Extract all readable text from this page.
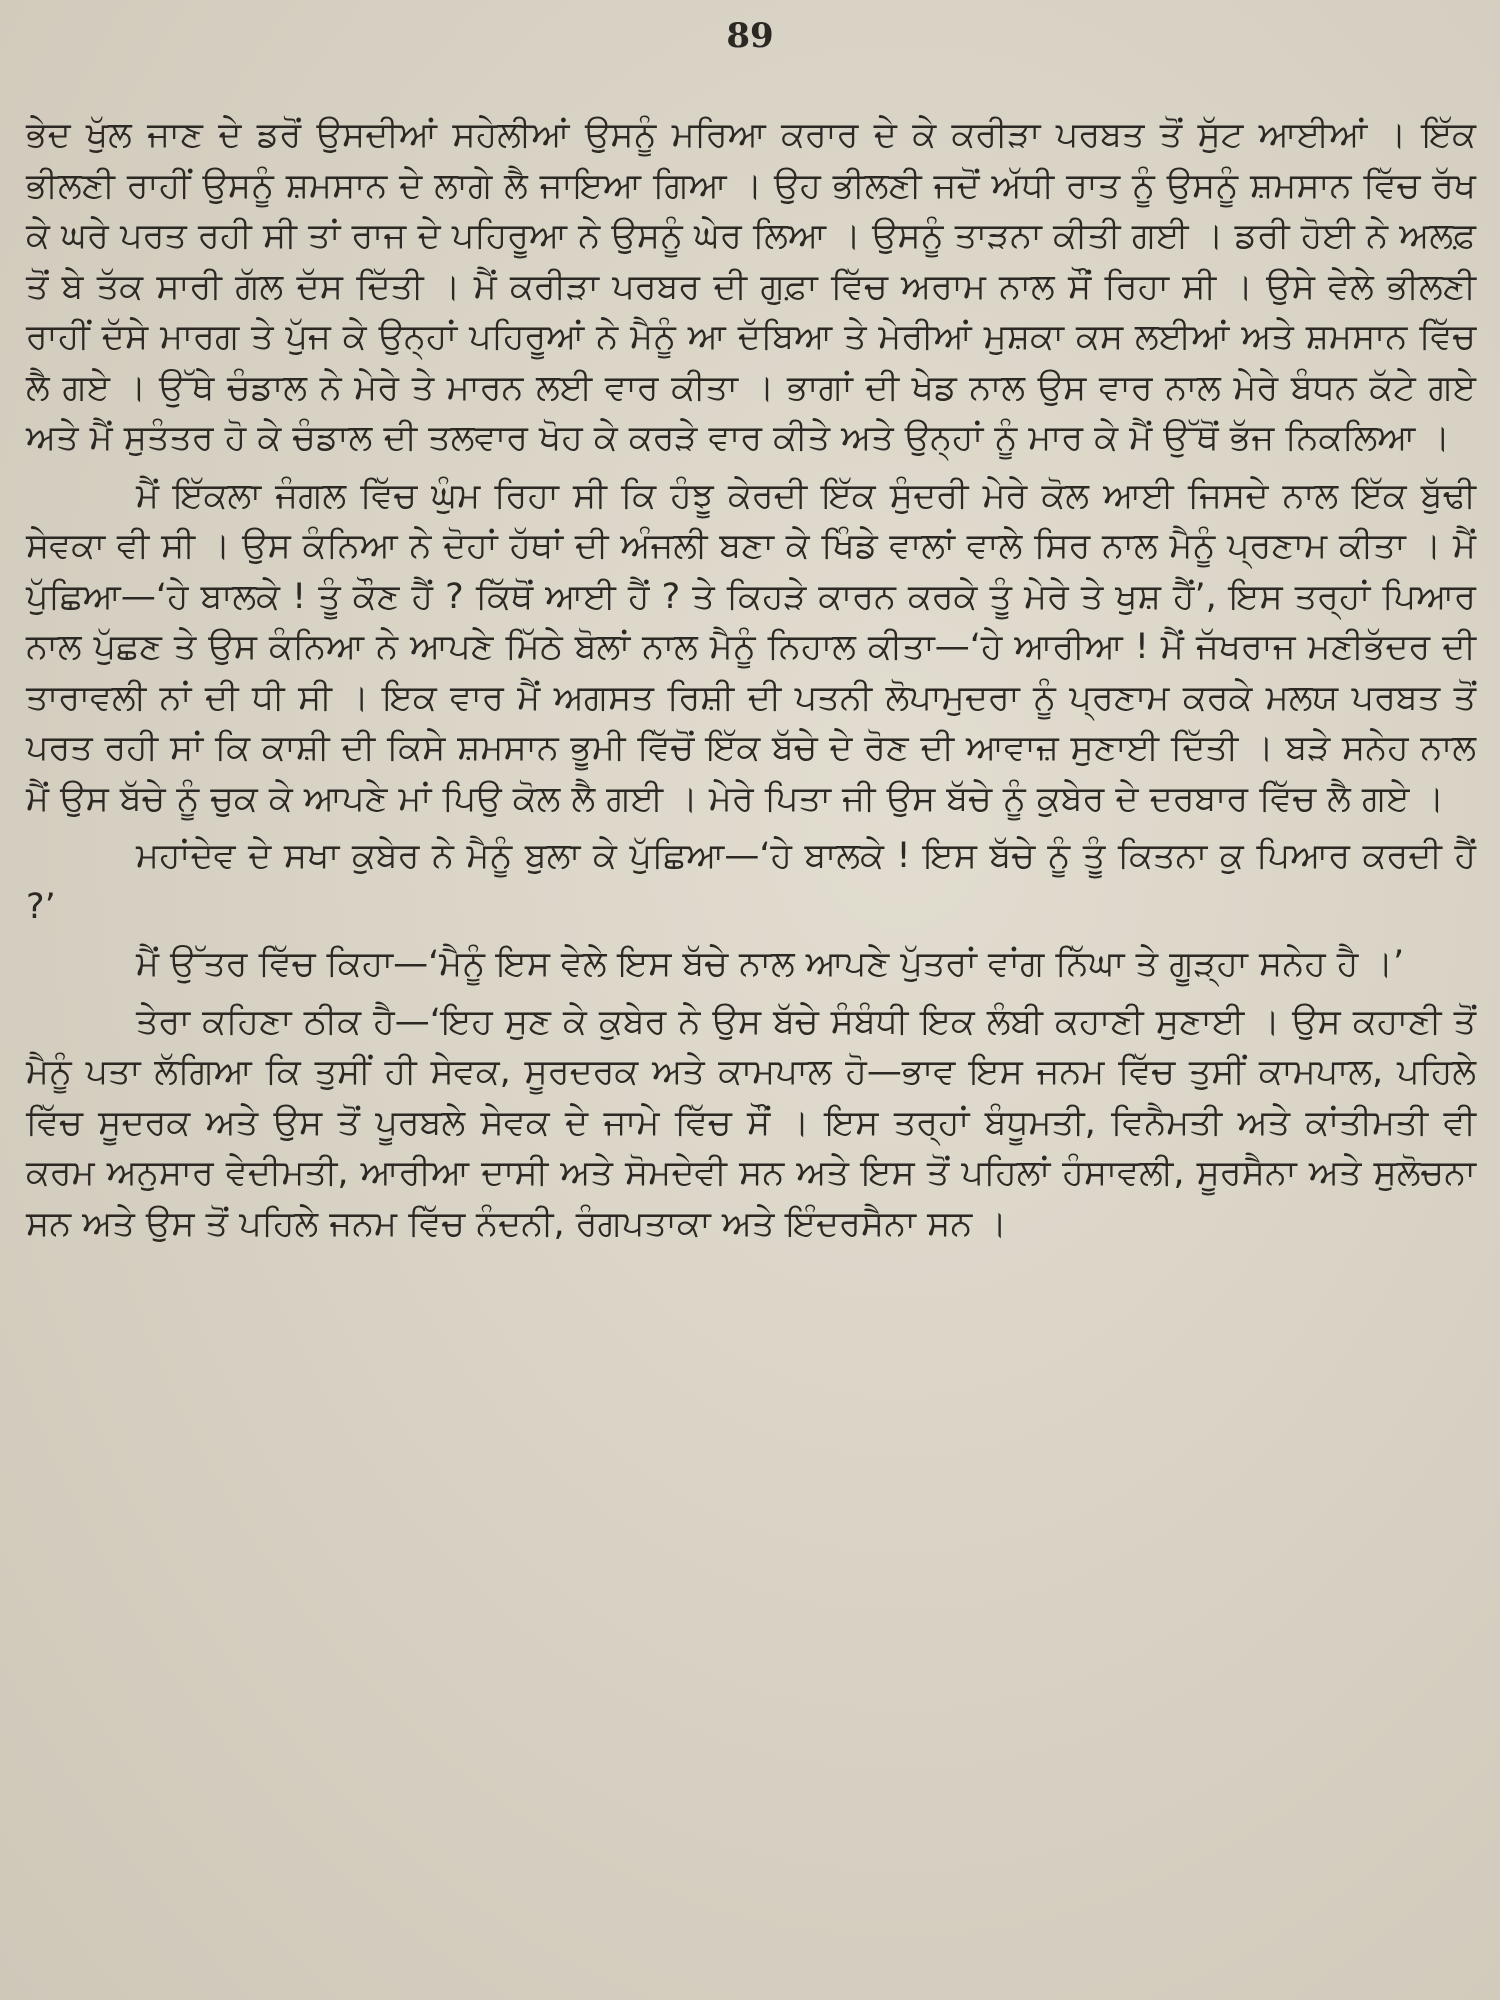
89

ਭੇਦ ਖੁੱਲ ਜਾਣ ਦੇ ਡਰੋਂ ਉਸਦੀਆਂ ਸਹੇਲੀਆਂ ਉਸਨੂੰ ਮਰਿਆ ਕਰਾਰ ਦੇ ਕੇ ਕਰੀੜਾ ਪਰਬਤ ਤੋਂ ਸੁੱਟ ਆਈਆਂ । ਇੱਕ ਭੀਲਣੀ ਰਾਹੀਂ ਉਸਨੂੰ ਸ਼ਮਸਾਨ ਦੇ ਲਾਗੇ ਲੈ ਜਾਇਆ ਗਿਆ । ਉਹ ਭੀਲਣੀ ਜਦੋਂ ਅੱਧੀ ਰਾਤ ਨੂੰ ਉਸਨੂੰ ਸ਼ਮਸਾਨ ਵਿੱਚ ਰੱਖ ਕੇ ਘਰੇ ਪਰਤ ਰਹੀ ਸੀ ਤਾਂ ਰਾਜ ਦੇ ਪਹਿਰੂਆ ਨੇ ਉਸਨੂੰ ਘੇਰ ਲਿਆ । ਉਸਨੂੰ ਤਾੜਨਾ ਕੀਤੀ ਗਈ । ਡਰੀ ਹੋਈ ਨੇ ਅਲਫ਼ ਤੋਂ ਬੇ ਤੱਕ ਸਾਰੀ ਗੱਲ ਦੱਸ ਦਿੱਤੀ । ਮੈਂ ਕਰੀੜਾ ਪਰਬਰ ਦੀ ਗੁਫ਼ਾ ਵਿੱਚ ਅਰਾਮ ਨਾਲ ਸੌਂ ਰਿਹਾ ਸੀ । ਉਸੇ ਵੇਲੇ ਭੀਲਣੀ ਰਾਹੀਂ ਦੱਸੇ ਮਾਰਗ ਤੇ ਪੁੱਜ ਕੇ ਉਨ੍ਹਾਂ ਪਹਿਰੂਆਂ ਨੇ ਮੈਨੂੰ ਆ ਦੱਬਿਆ ਤੇ ਮੇਰੀਆਂ ਮੁਸ਼ਕਾ ਕਸ ਲਈਆਂ ਅਤੇ ਸ਼ਮਸਾਨ ਵਿੱਚ ਲੈ ਗਏ । ਉੱਥੇ ਚੰਡਾਲ ਨੇ ਮੇਰੇ ਤੇ ਮਾਰਨ ਲਈ ਵਾਰ ਕੀਤਾ । ਭਾਗਾਂ ਦੀ ਖੇਡ ਨਾਲ ਉਸ ਵਾਰ ਨਾਲ ਮੇਰੇ ਬੰਧਨ ਕੱਟੇ ਗਏ ਅਤੇ ਮੈਂ ਸੁਤੰਤਰ ਹੋ ਕੇ ਚੰਡਾਲ ਦੀ ਤਲਵਾਰ ਖੋਹ ਕੇ ਕਰੜੇ ਵਾਰ ਕੀਤੇ ਅਤੇ ਉਨ੍ਹਾਂ ਨੂੰ ਮਾਰ ਕੇ ਮੈਂ ਉੱਥੋਂ ਭੱਜ ਨਿਕਲਿਆ ।

ਮੈਂ ਇੱਕਲਾ ਜੰਗਲ ਵਿੱਚ ਘੁੰਮ ਰਿਹਾ ਸੀ ਕਿ ਹੰਝੂ ਕੇਰਦੀ ਇੱਕ ਸੁੰਦਰੀ ਮੇਰੇ ਕੋਲ ਆਈ ਜਿਸਦੇ ਨਾਲ ਇੱਕ ਬੁੱਢੀ ਸੇਵਕਾ ਵੀ ਸੀ । ਉਸ ਕੰਨਿਆ ਨੇ ਦੋਹਾਂ ਹੱਥਾਂ ਦੀ ਅੰਜਲੀ ਬਣਾ ਕੇ ਖਿੰਡੇ ਵਾਲਾਂ ਵਾਲੇ ਸਿਰ ਨਾਲ ਮੈਨੂੰ ਪ੍ਰਣਾਮ ਕੀਤਾ । ਮੈਂ ਪੁੱਛਿਆ—‘ਹੇ ਬਾਲਕੇ ! ਤੂੰ ਕੌਣ ਹੈਂ ? ਕਿੱਥੋਂ ਆਈ ਹੈਂ ? ਤੇ ਕਿਹੜੇ ਕਾਰਨ ਕਰਕੇ ਤੂੰ ਮੇਰੇ ਤੇ ਖੁਸ਼ ਹੈਂ’, ਇਸ ਤਰ੍ਹਾਂ ਪਿਆਰ ਨਾਲ ਪੁੱਛਣ ਤੇ ਉਸ ਕੰਨਿਆ ਨੇ ਆਪਣੇ ਮਿੱਠੇ ਬੋਲਾਂ ਨਾਲ ਮੈਨੂੰ ਨਿਹਾਲ ਕੀਤਾ—‘ਹੇ ਆਰੀਆ ! ਮੈਂ ਜੱਖਰਾਜ ਮਣੀਭੱਦਰ ਦੀ ਤਾਰਾਵਲੀ ਨਾਂ ਦੀ ਧੀ ਸੀ । ਇਕ ਵਾਰ ਮੈਂ ਅਗਸਤ ਰਿਸ਼ੀ ਦੀ ਪਤਨੀ ਲੋਪਾਮੁਦਰਾ ਨੂੰ ਪ੍ਰਣਾਮ ਕਰਕੇ ਮਲਯ ਪਰਬਤ ਤੋਂ ਪਰਤ ਰਹੀ ਸਾਂ ਕਿ ਕਾਸ਼ੀ ਦੀ ਕਿਸੇ ਸ਼ਮਸਾਨ ਭੂਮੀ ਵਿੱਚੋਂ ਇੱਕ ਬੱਚੇ ਦੇ ਰੋਣ ਦੀ ਆਵਾਜ਼ ਸੁਣਾਈ ਦਿੱਤੀ । ਬੜੇ ਸਨੇਹ ਨਾਲ ਮੈਂ ਉਸ ਬੱਚੇ ਨੂੰ ਚੁਕ ਕੇ ਆਪਣੇ ਮਾਂ ਪਿਉ ਕੋਲ ਲੈ ਗਈ । ਮੇਰੇ ਪਿਤਾ ਜੀ ਉਸ ਬੱਚੇ ਨੂੰ ਕੁਬੇਰ ਦੇ ਦਰਬਾਰ ਵਿੱਚ ਲੈ ਗਏ ।

ਮਹਾਂਦੇਵ ਦੇ ਸਖਾ ਕੁਬੇਰ ਨੇ ਮੈਨੂੰ ਬੁਲਾ ਕੇ ਪੁੱਛਿਆ—‘ਹੇ ਬਾਲਕੇ ! ਇਸ ਬੱਚੇ ਨੂੰ ਤੂੰ ਕਿਤਨਾ ਕੁ ਪਿਆਰ ਕਰਦੀ ਹੈਂ ?’

ਮੈਂ ਉੱਤਰ ਵਿੱਚ ਕਿਹਾ—‘ਮੈਨੂੰ ਇਸ ਵੇਲੇ ਇਸ ਬੱਚੇ ਨਾਲ ਆਪਣੇ ਪੁੱਤਰਾਂ ਵਾਂਗ ਨਿੱਘਾ ਤੇ ਗੂੜ੍ਹਾ ਸਨੇਹ ਹੈ ।’

ਤੇਰਾ ਕਹਿਣਾ ਠੀਕ ਹੈ—‘ਇਹ ਸੁਣ ਕੇ ਕੁਬੇਰ ਨੇ ਉਸ ਬੱਚੇ ਸੰਬੰਧੀ ਇਕ ਲੰਬੀ ਕਹਾਣੀ ਸੁਣਾਈ । ਉਸ ਕਹਾਣੀ ਤੋਂ ਮੈਨੂੰ ਪਤਾ ਲੱਗਿਆ ਕਿ ਤੁਸੀਂ ਹੀ ਸੇਵਕ, ਸੂਰਦਰਕ ਅਤੇ ਕਾਮਪਾਲ ਹੋ—ਭਾਵ ਇਸ ਜਨਮ ਵਿੱਚ ਤੁਸੀਂ ਕਾਮਪਾਲ, ਪਹਿਲੇ ਵਿੱਚ ਸੂਦਰਕ ਅਤੇ ਉਸ ਤੋਂ ਪੂਰਬਲੇ ਸੇਵਕ ਦੇ ਜਾਮੇ ਵਿੱਚ ਸੌਂ । ਇਸ ਤਰ੍ਹਾਂ ਬੰਧੂਮਤੀ, ਵਿਨੈਮਤੀ ਅਤੇ ਕਾਂਤੀਮਤੀ ਵੀ ਕਰਮ ਅਨੁਸਾਰ ਵੇਦੀਮਤੀ, ਆਰੀਆ ਦਾਸੀ ਅਤੇ ਸੋਮਦੇਵੀ ਸਨ ਅਤੇ ਇਸ ਤੋਂ ਪਹਿਲਾਂ ਹੰਸਾਵਲੀ, ਸੂਰਸੈਨਾ ਅਤੇ ਸੁਲੋਚਨਾ ਸਨ ਅਤੇ ਉਸ ਤੋਂ ਪਹਿਲੇ ਜਨਮ ਵਿੱਚ ਨੰਦਨੀ, ਰੰਗਪਤਾਕਾ ਅਤੇ ਇੰਦਰਸੈਨਾ ਸਨ ।
